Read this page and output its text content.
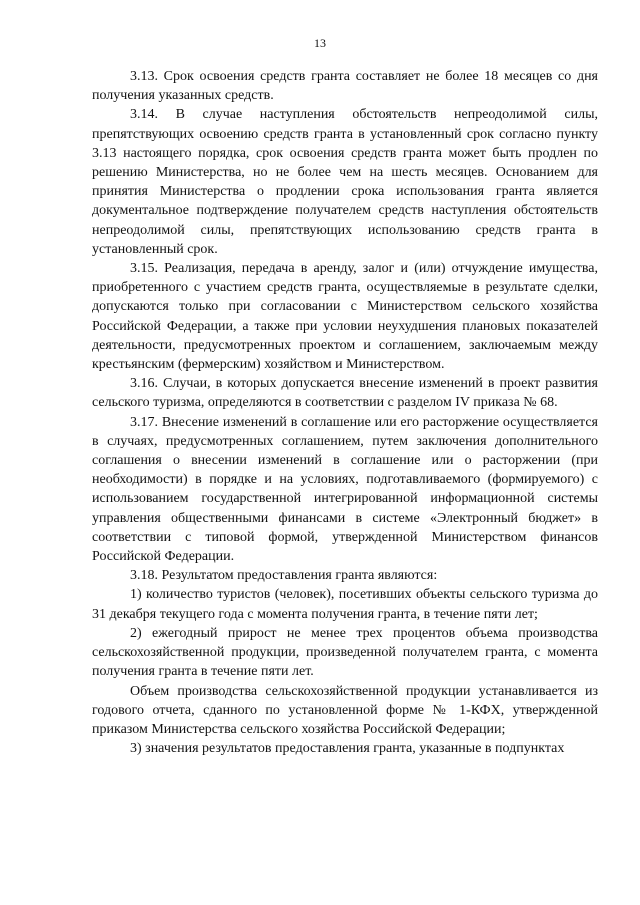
13

3.13. Срок освоения средств гранта составляет не более 18 месяцев со дня получения указанных средств.

3.14. В случае наступления обстоятельств непреодолимой силы, препятствующих освоению средств гранта в установленный срок согласно пункту 3.13 настоящего порядка, срок освоения средств гранта может быть продлен по решению Министерства, но не более чем на шесть месяцев. Основанием для принятия Министерства о продлении срока использования гранта является документальное подтверждение получателем средств наступления обстоятельств непреодолимой силы, препятствующих использованию средств гранта в установленный срок.

3.15. Реализация, передача в аренду, залог и (или) отчуждение имущества, приобретенного с участием средств гранта, осуществляемые в результате сделки, допускаются только при согласовании с Министерством сельского хозяйства Российской Федерации, а также при условии неухудшения плановых показателей деятельности, предусмотренных проектом и соглашением, заключаемым между крестьянским (фермерским) хозяйством и Министерством.

3.16. Случаи, в которых допускается внесение изменений в проект развития сельского туризма, определяются в соответствии с разделом IV приказа № 68.

3.17. Внесение изменений в соглашение или его расторжение осуществляется в случаях, предусмотренных соглашением, путем заключения дополнительного соглашения о внесении изменений в соглашение или о расторжении (при необходимости) в порядке и на условиях, подготавливаемого (формируемого) с использованием государственной интегрированной информационной системы управления общественными финансами в системе «Электронный бюджет» в соответствии с типовой формой, утвержденной Министерством финансов Российской Федерации.

3.18. Результатом предоставления гранта являются:

1) количество туристов (человек), посетивших объекты сельского туризма до 31 декабря текущего года с момента получения гранта, в течение пяти лет;

2) ежегодный прирост не менее трех процентов объема производства сельскохозяйственной продукции, произведенной получателем гранта, с момента получения гранта в течение пяти лет.

Объем производства сельскохозяйственной продукции устанавливается из годового отчета, сданного по установленной форме № 1-КФХ, утвержденной приказом Министерства сельского хозяйства Российской Федерации;

3) значения результатов предоставления гранта, указанные в подпунктах
